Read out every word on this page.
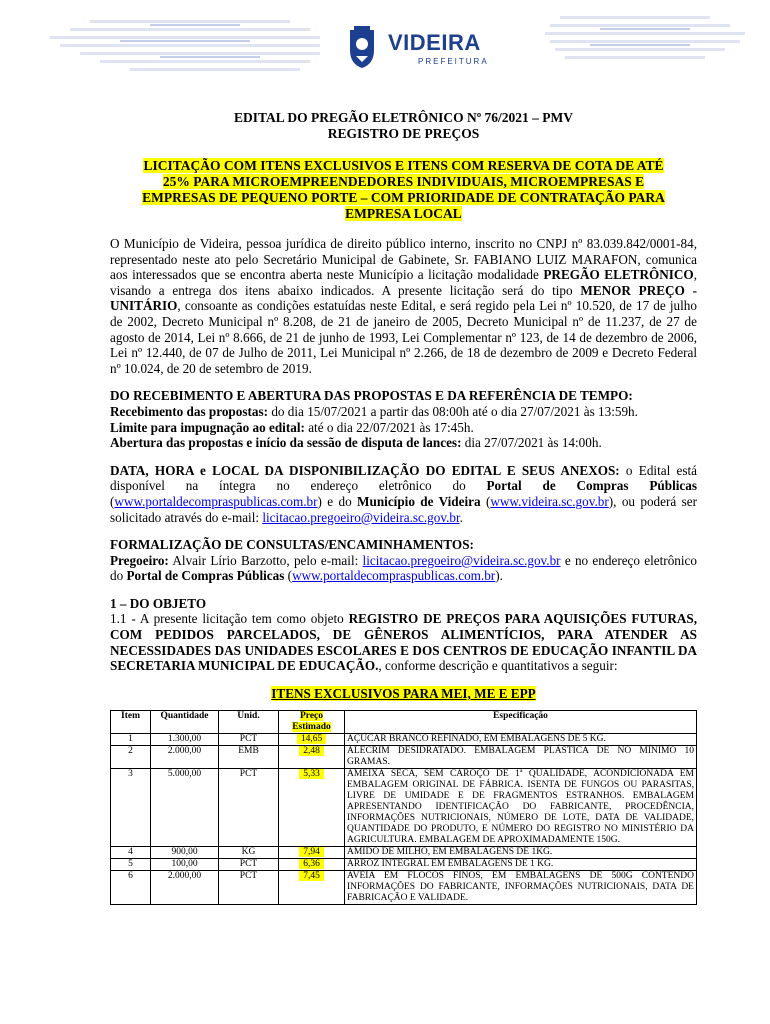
VIDEIRA
PREFEITURA
EDITAL DO PREGÃO ELETRÔNICO Nº 76/2021 – PMV
REGISTRO DE PREÇOS
LICITAÇÃO COM ITENS EXCLUSIVOS E ITENS COM RESERVA DE COTA DE ATÉ
25% PARA MICROEMPREENDEDORES INDIVIDUAIS, MICROEMPRESAS E
EMPRESAS DE PEQUENO PORTE – COM PRIORIDADE DE CONTRATAÇÃO PARA
EMPRESA LOCAL

O Município de Videira, pessoa jurídica de direito público interno, inscrito no CNPJ nº 83.039.842/0001-84, representado neste ato pelo Secretário Municipal de Gabinete, Sr. FABIANO LUIZ MARAFON, comunica aos interessados que se encontra aberta neste Município a licitação modalidade PREGÃO ELETRÔNICO, visando a entrega dos itens abaixo indicados. A presente licitação será do tipo MENOR PREÇO - UNITÁRIO, consoante as condições estatuídas neste Edital, e será regido pela Lei nº 10.520, de 17 de julho de 2002, Decreto Municipal nº 8.208, de 21 de janeiro de 2005, Decreto Municipal nº de 11.237, de 27 de agosto de 2014, Lei nº 8.666, de 21 de junho de 1993, Lei Complementar nº 123, de 14 de dezembro de 2006, Lei nº 12.440, de 07 de Julho de 2011, Lei Municipal nº 2.266, de 18 de dezembro de 2009 e Decreto Federal nº 10.024, de 20 de setembro de 2019.

DO RECEBIMENTO E ABERTURA DAS PROPOSTAS E DA REFERÊNCIA DE TEMPO:
Recebimento das propostas: do dia 15/07/2021 a partir das 08:00h até o dia 27/07/2021 às 13:59h.
Limite para impugnação ao edital: até o dia 22/07/2021 às 17:45h.
Abertura das propostas e início da sessão de disputa de lances: dia 27/07/2021 às 14:00h.

DATA, HORA e LOCAL DA DISPONIBILIZAÇÃO DO EDITAL E SEUS ANEXOS: o Edital está disponível na íntegra no endereço eletrônico do Portal de Compras Públicas (www.portaldecompraspublicas.com.br) e do Município de Videira (www.videira.sc.gov.br), ou poderá ser solicitado através do e-mail: licitacao.pregoeiro@videira.sc.gov.br.

FORMALIZAÇÃO DE CONSULTAS/ENCAMINHAMENTOS:
Pregoeiro: Alvair Lírio Barzotto, pelo e-mail: licitacao.pregoeiro@videira.sc.gov.br e no endereço eletrônico do Portal de Compras Públicas (www.portaldecompraspublicas.com.br).

1 – DO OBJETO
1.1 - A presente licitação tem como objeto REGISTRO DE PREÇOS PARA AQUISIÇÕES FUTURAS, COM PEDIDOS PARCELADOS, DE GÊNEROS ALIMENTÍCIOS, PARA ATENDER AS NECESSIDADES DAS UNIDADES ESCOLARES E DOS CENTROS DE EDUCAÇÃO INFANTIL DA SECRETARIA MUNICIPAL DE EDUCAÇÃO., conforme descrição e quantitativos a seguir:

ITENS EXCLUSIVOS PARA MEI, ME E EPP
Item	Quantidade	Unid.	Preço Estimado	Especificação
1	1.300,00	PCT	14,65	AÇÚCAR BRANCO REFINADO, EM EMBALAGENS DE 5 KG.
2	2.000,00	EMB	2,48	ALECRIM DESIDRATADO. EMBALAGEM PLÁSTICA DE NO MÍNIMO 10 GRAMAS.
3	5.000,00	PCT	5,33	AMEIXA SECA, SEM CAROÇO DE 1ª QUALIDADE, ACONDICIONADA EM EMBALAGEM ORIGINAL DE FÁBRICA. ISENTA DE FUNGOS OU PARASITAS, LIVRE DE UMIDADE E DE FRAGMENTOS ESTRANHOS. EMBALAGEM APRESENTANDO IDENTIFICAÇÃO DO FABRICANTE, PROCEDÊNCIA, INFORMAÇÕES NUTRICIONAIS, NÚMERO DE LOTE, DATA DE VALIDADE, QUANTIDADE DO PRODUTO, E NÚMERO DO REGISTRO NO MINISTÉRIO DA AGRICULTURA. EMBALAGEM DE APROXIMADAMENTE 150G.
4	900,00	KG	7,94	AMIDO DE MILHO, EM EMBALAGENS DE 1KG.
5	100,00	PCT	6,36	ARROZ INTEGRAL EM EMBALAGENS DE 1 KG.
6	2.000,00	PCT	7,45	AVEIA EM FLOCOS FINOS, EM EMBALAGENS DE 500G CONTENDO INFORMAÇÕES DO FABRICANTE, INFORMAÇÕES NUTRICIONAIS, DATA DE FABRICAÇÃO E VALIDADE.
